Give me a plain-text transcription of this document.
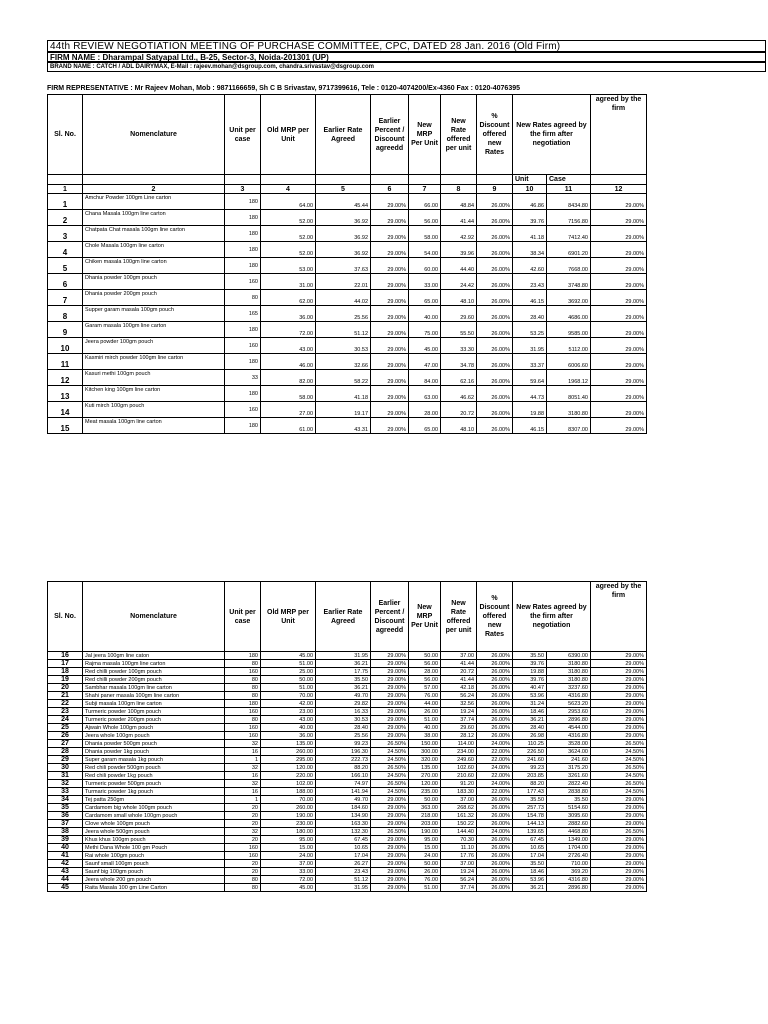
44th REVIEW NEGOTIATION MEETING OF PURCHASE COMMITTEE, CPC, DATED 28 Jan. 2016 (Old Firm)
FIRM NAME : Dharampal Satyapal Ltd., B-25, Sector-3, Noida-201301 (UP)
BRAND NAME : CATCH / ADL DAIRYMAX, E-Mail : rajeev.mohan@dsgroup.com, chandra.srivastav@dsgroup.com
FIRM REPRESENTATIVE : Mr Rajeev Mohan, Mob : 9871166659, Sh C B Srivastav, 9717399616, Tele : 0120-4074200/Ex-4360 Fax : 0120-4076395
Sl. No.	Nomenclature	Unit per case	Old MRP per Unit	Earlier Rate Agreed	Earlier Percent / Discount agreedd	New MRP Per Unit	New Rate offered per unit	% Discount offered new Rates	New Rates agreed by the firm after negotiation		agreed by the firm
									Unit	Case	
1	2	3	4	5	6	7	8	9	10	11	12
1	Amchur Powder 100gm Line carton	180	64.00	45.44	29.00%	66.00	48.84	26.00%	46.86	8434.80	29.00%
2	Chana Masala 100gm line carton	180	52.00	36.92	29.00%	56.00	41.44	26.00%	39.76	7156.80	29.00%
3	Chatpata Chat masala 100gm line carton	180	52.00	36.92	29.00%	58.00	42.92	26.00%	41.18	7412.40	29.00%
4	Chole Masala 100gm line carton	180	52.00	36.92	29.00%	54.00	39.96	26.00%	38.34	6901.20	29.00%
5	Chiken masala 100gm line carton	180	53.00	37.63	29.00%	60.00	44.40	26.00%	42.60	7668.00	29.00%
6	Dhania powder 100gm pouch	160	31.00	22.01	29.00%	33.00	24.42	26.00%	23.43	3748.80	29.00%
7	Dhania powder 200gm pouch	80	62.00	44.02	29.00%	65.00	48.10	26.00%	46.15	3692.00	29.00%
8	Supper garam masala 100gm pouch	165	36.00	25.56	29.00%	40.00	29.60	26.00%	28.40	4686.00	29.00%
9	Garam masala 100gm line carton	180	72.00	51.12	29.00%	75.00	55.50	26.00%	53.25	9585.00	29.00%
10	Jeera powder 100gm pouch	160	43.00	30.53	29.00%	45.00	33.30	26.00%	31.95	5112.00	29.00%
11	Kasmiri mirch powder 100gm line carton	180	46.00	32.66	29.00%	47.00	34.78	26.00%	33.37	6006.60	29.00%
12	Kasuri methi 100gm pouch	33	82.00	58.22	29.00%	84.00	62.16	26.00%	59.64	1968.12	29.00%
13	Kitchen king 100gm line carton	180	58.00	41.18	29.00%	63.00	46.62	26.00%	44.73	8051.40	29.00%
14	Kuti mirch 100gm pouch	160	27.00	19.17	29.00%	28.00	20.72	26.00%	19.88	3180.80	29.00%
15	Meat masala 100gm line carton	180	61.00	43.31	29.00%	65.00	48.10	26.00%	46.15	8307.00	29.00%
Sl. No.	Nomenclature	Unit per case	Old MRP per Unit	Earlier Rate Agreed	Earlier Percent / Discount agreedd	New MRP Per Unit	New Rate offered per unit	% Discount offered new Rates	New Rates agreed by the firm after negotiation		agreed by the firm
16	Jal jeera 100gm line caton	180	45.00	31.95	29.00%	50.00	37.00	26.00%	35.50	6390.00	29.00%
17	Rajma masala 100gm line carton	80	51.00	36.21	29.00%	56.00	41.44	26.00%	39.76	3180.80	29.00%
18	Red chilli powder 100gm pouch	160	25.00	17.75	29.00%	28.00	20.72	26.00%	19.88	3180.80	29.00%
19	Red chilli powder 200gm pouch	80	50.00	35.50	29.00%	56.00	41.44	26.00%	39.76	3180.80	29.00%
20	Sambhar masala 100gm line carton	80	51.00	36.21	29.00%	57.00	42.18	26.00%	40.47	3237.60	29.00%
21	Shahi paner masala 100gm line carton	80	70.00	49.70	29.00%	76.00	56.24	26.00%	53.96	4316.80	29.00%
22	Subji masala 100gm line carton	180	42.00	29.82	29.00%	44.00	32.56	26.00%	31.24	5623.20	29.00%
23	Turmeric powder 100gm pouch	160	23.00	16.33	29.00%	26.00	19.24	26.00%	18.46	2953.60	29.00%
24	Turmeric powder 200gm pouch	80	43.00	30.53	29.00%	51.00	37.74	26.00%	36.21	2896.80	29.00%
25	Ajwain Whole 100gm pouch	160	40.00	28.40	29.00%	40.00	29.60	26.00%	28.40	4544.00	29.00%
26	Jeera whole 100gm pouch	160	36.00	25.56	29.00%	38.00	28.12	26.00%	26.98	4316.80	29.00%
27	Dhania powder 500gm pouch	32	135.00	99.23	26.50%	150.00	114.00	24.00%	110.25	3528.00	26.50%
28	Dhania powder 1kg pouch	16	260.00	196.30	24.50%	300.00	234.00	22.00%	226.50	3624.00	24.50%
29	Super garam masala 1kg pouch	1	295.00	222.73	24.50%	320.00	249.60	22.00%	241.60	241.60	24.50%
30	Red chili powder 500gm pouch	32	120.00	88.20	26.50%	135.00	102.60	24.00%	99.23	3175.20	26.50%
31	Red chili powder 1kg pouch	16	220.00	166.10	24.50%	270.00	210.60	22.00%	203.85	3261.60	24.50%
32	Turmeric powder 500gm pouch	32	102.00	74.97	26.50%	120.00	91.20	24.00%	88.20	2822.40	26.50%
33	Turmaric powder 1kg pouch	16	188.00	141.94	24.50%	235.00	183.30	22.00%	177.43	2838.80	24.50%
34	Tej patta 250gm	1	70.00	49.70	29.00%	50.00	37.00	26.00%	35.50	35.50	29.00%
35	Cardamom big whole 100gm pouch	20	260.00	184.60	29.00%	363.00	268.62	26.00%	257.73	5154.60	29.00%
36	Cardamom small whole 100gm pouch	20	190.00	134.90	29.00%	218.00	161.32	26.00%	154.78	3095.60	29.00%
37	Clove whole 100gm pouch	20	230.00	163.30	29.00%	203.00	150.22	26.00%	144.13	2882.60	29.00%
38	Jeera whole 500gm pouch	32	180.00	132.30	26.50%	190.00	144.40	24.00%	139.65	4468.80	26.50%
39	Khus khus 100gm pouch	20	95.00	67.45	29.00%	95.00	70.30	26.00%	67.45	1349.00	29.00%
40	Methi Dana Whole 100 gm Pouch	160	15.00	10.65	29.00%	15.00	11.10	26.00%	10.65	1704.00	29.00%
41	Rai whole 100gm pouch	160	24.00	17.04	29.00%	24.00	17.76	26.00%	17.04	2726.40	29.00%
42	Saunf small 100gm pouch	20	37.00	26.27	29.00%	50.00	37.00	26.00%	35.50	710.00	29.00%
43	Saunf big 100gm pouch	20	33.00	23.43	29.00%	26.00	19.24	26.00%	18.46	369.20	29.00%
44	Jeera whole 200 gm pouch	80	72.00	51.12	29.00%	76.00	56.24	26.00%	53.96	4316.80	29.00%
45	Raita Masala 100 gm Line Carton	80	45.00	31.95	29.00%	51.00	37.74	26.00%	36.21	2896.80	29.00%
